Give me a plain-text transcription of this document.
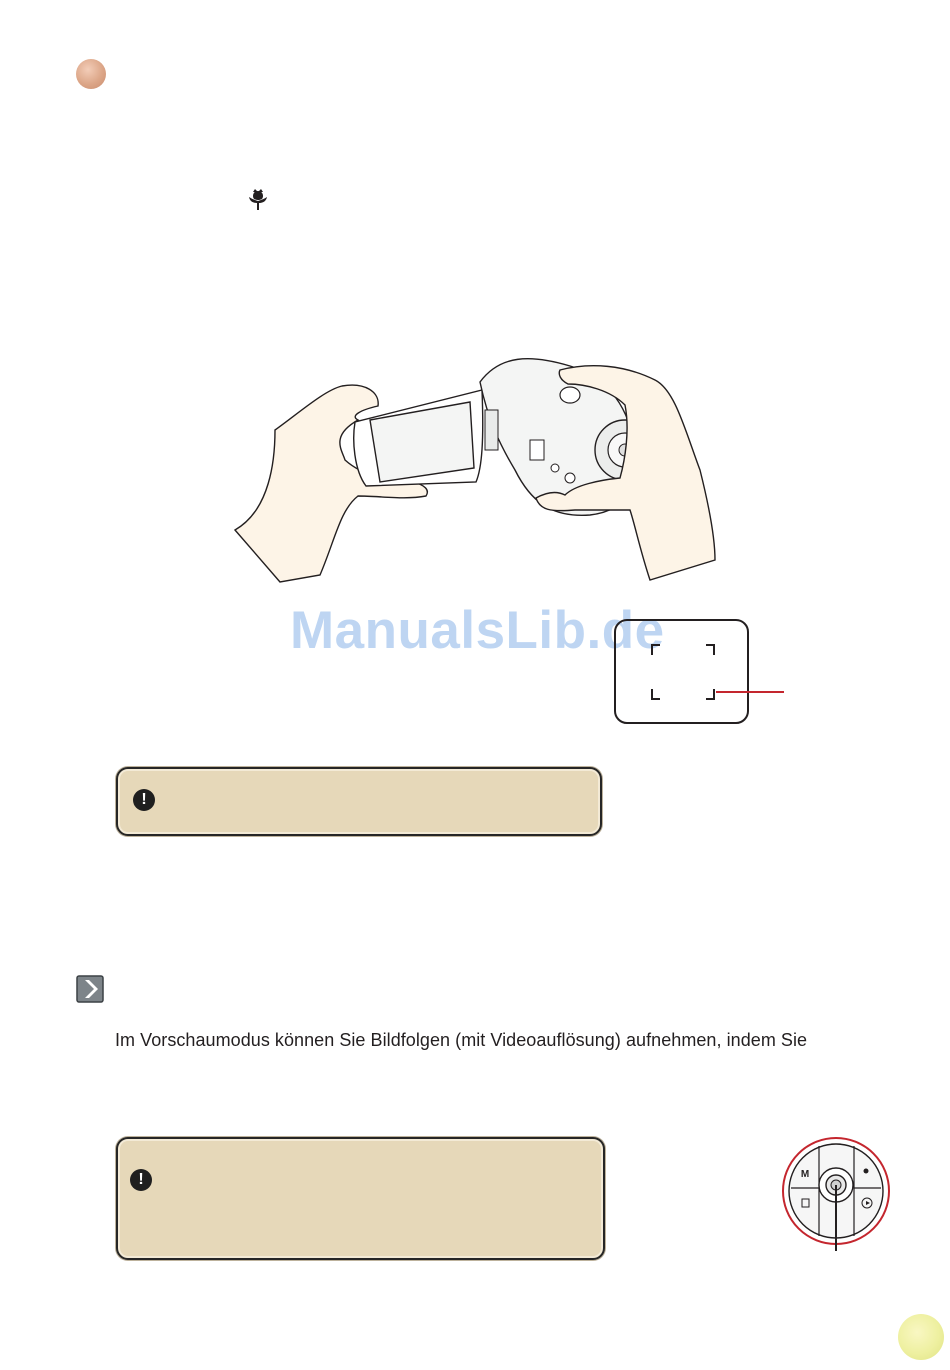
ManualsLib.de
!
Im Vorschaumodus können Sie Bildfolgen (mit Videoauflösung) aufnehmen, indem Sie
!	M
